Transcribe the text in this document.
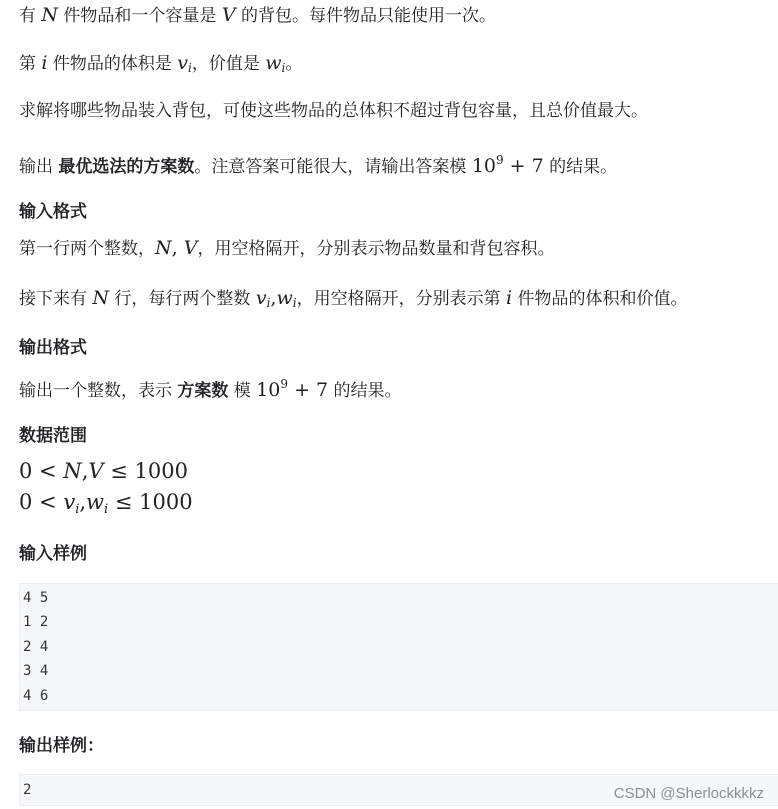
有 N 件物品和一个容量是 V 的背包。每件物品只能使用一次。
第 i 件物品的体积是 $v_i$，价值是 $w_i$。
求解将哪些物品装入背包，可使这些物品的总体积不超过背包容量，且总价值最大。
输出 最优选法的方案数。注意答案可能很大，请输出答案模 $10^9 + 7$ 的结果。
输入格式
第一行两个整数，N, V，用空格隔开，分别表示物品数量和背包容积。
接下来有 N 行，每行两个整数 $v_i,w_i$，用空格隔开，分别表示第 i 件物品的体积和价值。
输出格式
输出一个整数，表示 方案数 模 $10^9 + 7$ 的结果。
数据范围
0 < N,V ≤ 1000
$0 < v_i,w_i \le 1000$
输入样例
4 5
1 2
2 4
3 4
4 6
输出样例：
2	CSDN @Sherlockkkkz
